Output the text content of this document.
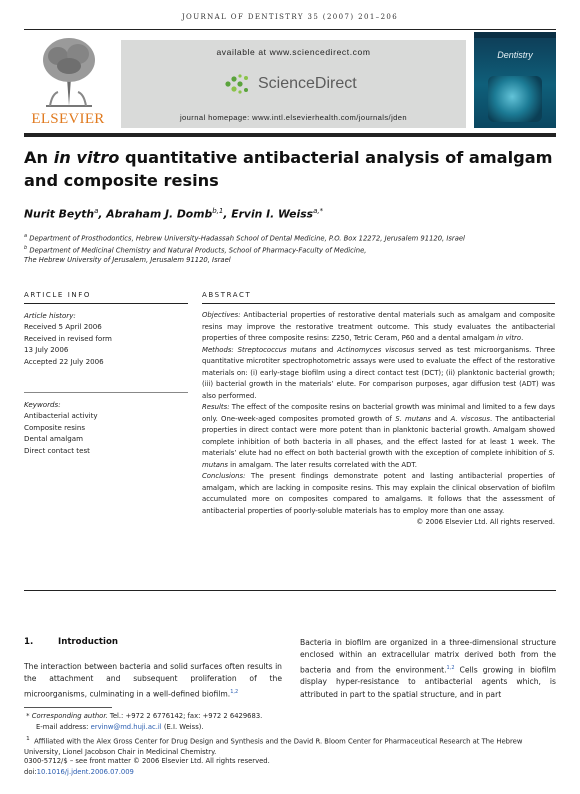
JOURNAL OF DENTISTRY 35 (2007) 201–206
ELSEVIER
available at www.sciencedirect.com
ScienceDirect
journal homepage: www.intl.elsevierhealth.com/journals/jden
Dentistry
An in vitro quantitative antibacterial analysis of amalgam
and composite resins
Nurit Beyth$^a$, Abraham J. Domb$^{b,1}$, Ervin I. Weiss$^{a,*}$
$^a$ Department of Prosthodontics, Hebrew University-Hadassah School of Dental Medicine, P.O. Box 12272, Jerusalem 91120, Israel
$^b$ Department of Medicinal Chemistry and Natural Products, School of Pharmacy-Faculty of Medicine,
The Hebrew University of Jerusalem, Jerusalem 91120, Israel
ARTICLE INFO
Article history:
Received 5 April 2006
Received in revised form
13 July 2006
Accepted 22 July 2006
Keywords:
Antibacterial activity
Composite resins
Dental amalgam
Direct contact test
ABSTRACT

Objectives: Antibacterial properties of restorative dental materials such as amalgam and composite resins may improve the restorative treatment outcome. This study evaluates the antibacterial properties of three composite resins: Z250, Tetric Ceram, P60 and a dental amalgam in vitro.

Methods: Streptococcus mutans and Actinomyces viscosus served as test microorganisms. Three quantitative microtiter spectrophotometric assays were used to evaluate the effect of the restorative materials on: (i) early-stage biofilm using a direct contact test (DCT); (ii) planktonic bacterial growth; (iii) bacterial growth in the materials’ elute. For comparison purposes, agar diffusion test (ADT) was also performed.

Results: The effect of the composite resins on bacterial growth was minimal and limited to a few days only. One-week-aged composites promoted growth of S. mutans and A. viscosus. The antibacterial properties in direct contact were more potent than in planktonic bacterial growth. Amalgam showed complete inhibition of both bacteria in all phases, and the effect lasted for at least 1 week. The materials’ elute had no effect on both bacterial growth with the exception of complete inhibition of S. mutans in amalgam. The later results correlated with the ADT.

Conclusions: The present findings demonstrate potent and lasting antibacterial properties of amalgam, which are lacking in composite resins. This may explain the clinical observation of biofilm accumulated more on composites compared to amalgams. It follows that the assessment of antibacterial properties of poorly-soluble materials has to employ more than one assay.

© 2006 Elsevier Ltd. All rights reserved.

1.	Introduction
The interaction between bacteria and solid surfaces often results in the attachment and subsequent proliferation of the microorganisms, culminating in a well-defined biofilm.$^{1,2}$
Bacteria in biofilm are organized in a three-dimensional structure enclosed within an extracellular matrix derived both from the bacteria and from the environment.$^{1,2}$ Cells growing in biofilm display hyper-resistance to antibacterial agents which, is attributed in part to the spatial structure, and in part
* Corresponding author. Tel.: +972 2 6776142; fax: +972 2 6429683.
E-mail address: ervinw@md.huji.ac.il (E.I. Weiss).
$^1$ Affiliated with the Alex Gross Center for Drug Design and Synthesis and the David R. Bloom Center for Pharmaceutical Research at The Hebrew University, Lionel Jacobson Chair in Medicinal Chemistry.
0300-5712/$ – see front matter © 2006 Elsevier Ltd. All rights reserved.
doi:10.1016/j.jdent.2006.07.009
